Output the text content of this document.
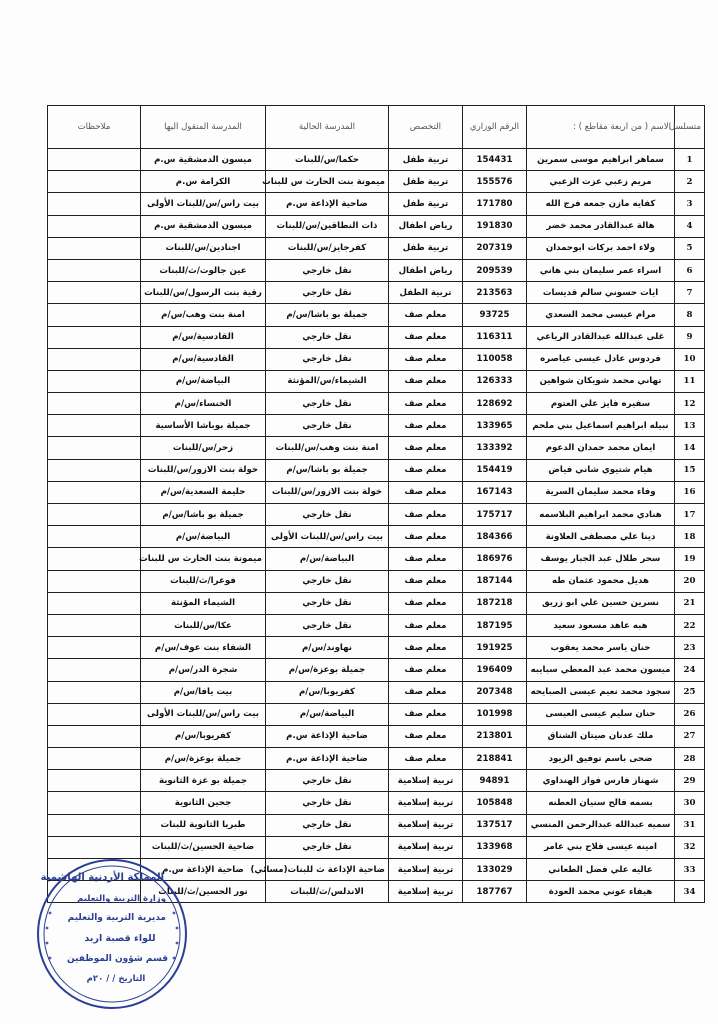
متسلسل	الاسم ( من اربعة مقاطع ) :	الرقم الوزاري	التخصص	المدرسة الحالية	المدرسة المنقول اليها	ملاحظات
1	سماهر ابراهيم موسى سمرين	154431	تربية طفل	حكما/س/للبنات	ميسون الدمشقية س.م	
2	مريم زعبي عزت الزعبي	155576	تربية طفل	ميمونة بنت الحارث س للبنات	الكرامة س.م	
3	كفايه مازن جمعه فرج الله	171780	تربية طفل	ضاحية الإذاعة س.م	بيت راس/س/للبنات الأولى	
4	هالة عبدالقادر محمد خضر	191830	رياض اطفال	ذات النطاقين/س/للبنات	ميسون الدمشقية س.م	
5	ولاء احمد بركات ابوحمدان	207319	تربية طفل	كفرجايز/س/للبنات	اجنادين/س/للبنات	
6	اسراء عمر سليمان بني هاني	209539	رياض اطفال	نقل خارجي	عين جالوت/ث/للبنات	
7	ايات حسوني سالم قديسات	213563	تربية الطفل	نقل خارجي	رقية بنت الرسول/س/للبنات	
8	مرام عيسى محمد السعدي	93725	معلم صف	جميلة بو باشا/س/م	امنة بنت وهب/س/م	
9	غلى عبدالله عبدالقادر الرياعي	116311	معلم صف	نقل خارجي	القادسية/س/م	
10	فردوس عادل عيسى عياصره	110058	معلم صف	نقل خارجي	القادسية/س/م	
11	تهاني محمد شويكان شواهين	126333	معلم صف	الشيماء/س/المؤنثة	البياضة/س/م	
12	سفيره فايز علي العتوم	128692	معلم صف	نقل خارجي	الخنساء/س/م	
13	نبيله ابراهيم اسماعيل بني ملحم	133965	معلم صف	نقل خارجي	جميلة بوباشا الأساسية	
14	ايمان محمد حمدان الدعوم	133392	معلم صف	امنة بنت وهب/س/للبنات	زحر/س/للبنات	
15	هيام شتيوي شاني فياض	154419	معلم صف	جميلة بو باشا/س/م	خولة بنت الازور/س/للبنات	
16	وفاء محمد سليمان السرية	167143	معلم صف	خولة بنت الازور/س/للبنات	حليمة السعدية/س/م	
17	هنادي محمد ابراهيم البلاسمه	175717	معلم صف	نقل خارجي	جميلة بو باشا/س/م	
18	دينا علي مصطفى العلاونة	184366	معلم صف	بيت راس/س/للبنات الأولى	البياضة/س/م	
19	سحر طلال عبد الجبار يوسف	186976	معلم صف	البياضة/س/م	ميمونة بنت الحارث س للبنات	
20	هديل محمود عثمان طه	187144	معلم صف	نقل خارجي	فوعرا/ث/للبنات	
21	نسرين حسين علي ابو زريق	187218	معلم صف	نقل خارجي	الشيماء المؤنثة	
22	هبه عاهد مسعود سعيد	187195	معلم صف	نقل خارجي	عكا/س/للبنات	
23	حنان ياسر محمد يعقوب	191925	معلم صف	نهاوند/س/م	الشفاء بنت عوف/س/م	
24	ميسون محمد عبد المعطي سبايبه	196409	معلم صف	جميلة بوعزة/س/م	شجرة الدر/س/م	
25	سجود محمد نعيم عيسى الصبايحه	207348	معلم صف	كفريوبا/س/م	بيت يافا/س/م	
26	حنان سليم عيسى العيسى	101998	معلم صف	البياضة/س/م	بيت راس/س/للبنات الأولى	
27	ملك عدنان صيتان الشناق	213801	معلم صف	ضاحية الإذاعة س.م	كفريوبا/س/م	
28	ضحى باسم توفيق الزيود	218841	معلم صف	ضاحية الإذاعة س.م	جميلة بوعزة/س/م	
29	شهناز فارس فواز الهنداوي	94891	تربية إسلامية	نقل خارجي	جميلة بو عزة الثانوية	
30	بسمه فالح سنيان العطنه	105848	تربية إسلامية	نقل خارجي	جحين الثانوية	
31	سميه عبدالله عبدالرحمن المنسي	137517	تربية إسلامية	نقل خارجي	طبريا الثانوية للبنات	
32	امينه عيسى فلاح بني عامر	133968	تربية إسلامية	نقل خارجي	ضاحية الحسين/ث/للبنات	
33	عاليه علي فضل الطعاني	133029	تربية إسلامية	ضاحية الإذاعة ث للبنات(مسائي)	ضاحية الإذاعة س.م	
34	هيفاء عوني محمد العودة	187767	تربية إسلامية	الاندلس/ث/للبنات	نور الحسين/ث/للبنات	
المملكة الأردنية الهاشمية
وزارة التربية والتعليم
مديرية التربية والتعليم
للواء قصبة اربد
قسم شؤون الموظفين
التاريخ / / ٢٠م
